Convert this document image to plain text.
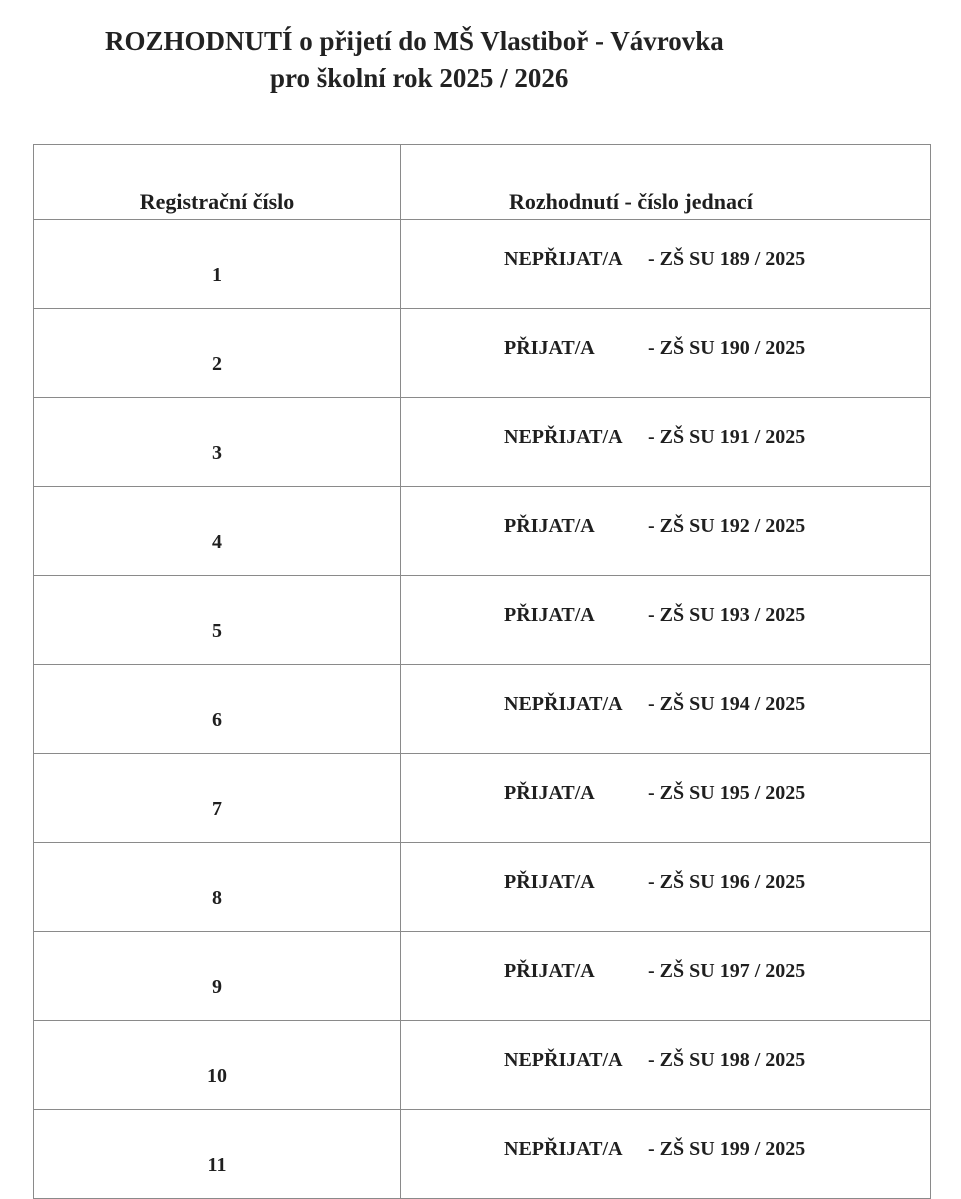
ROZHODNUTÍ o přijetí do MŠ Vlastiboř - Vávrovka
pro školní rok 2025 / 2026
Registrační číslo	Rozhodnutí - číslo jednací
1	NEPŘIJAT/A - ZŠ SU 189 / 2025
2	PŘIJAT/A - ZŠ SU 190 / 2025
3	NEPŘIJAT/A - ZŠ SU 191 / 2025
4	PŘIJAT/A - ZŠ SU 192 / 2025
5	PŘIJAT/A - ZŠ SU 193 / 2025
6	NEPŘIJAT/A - ZŠ SU 194 / 2025
7	PŘIJAT/A - ZŠ SU 195 / 2025
8	PŘIJAT/A - ZŠ SU 196 / 2025
9	PŘIJAT/A - ZŠ SU 197 / 2025
10	NEPŘIJAT/A - ZŠ SU 198 / 2025
11	NEPŘIJAT/A - ZŠ SU 199 / 2025
